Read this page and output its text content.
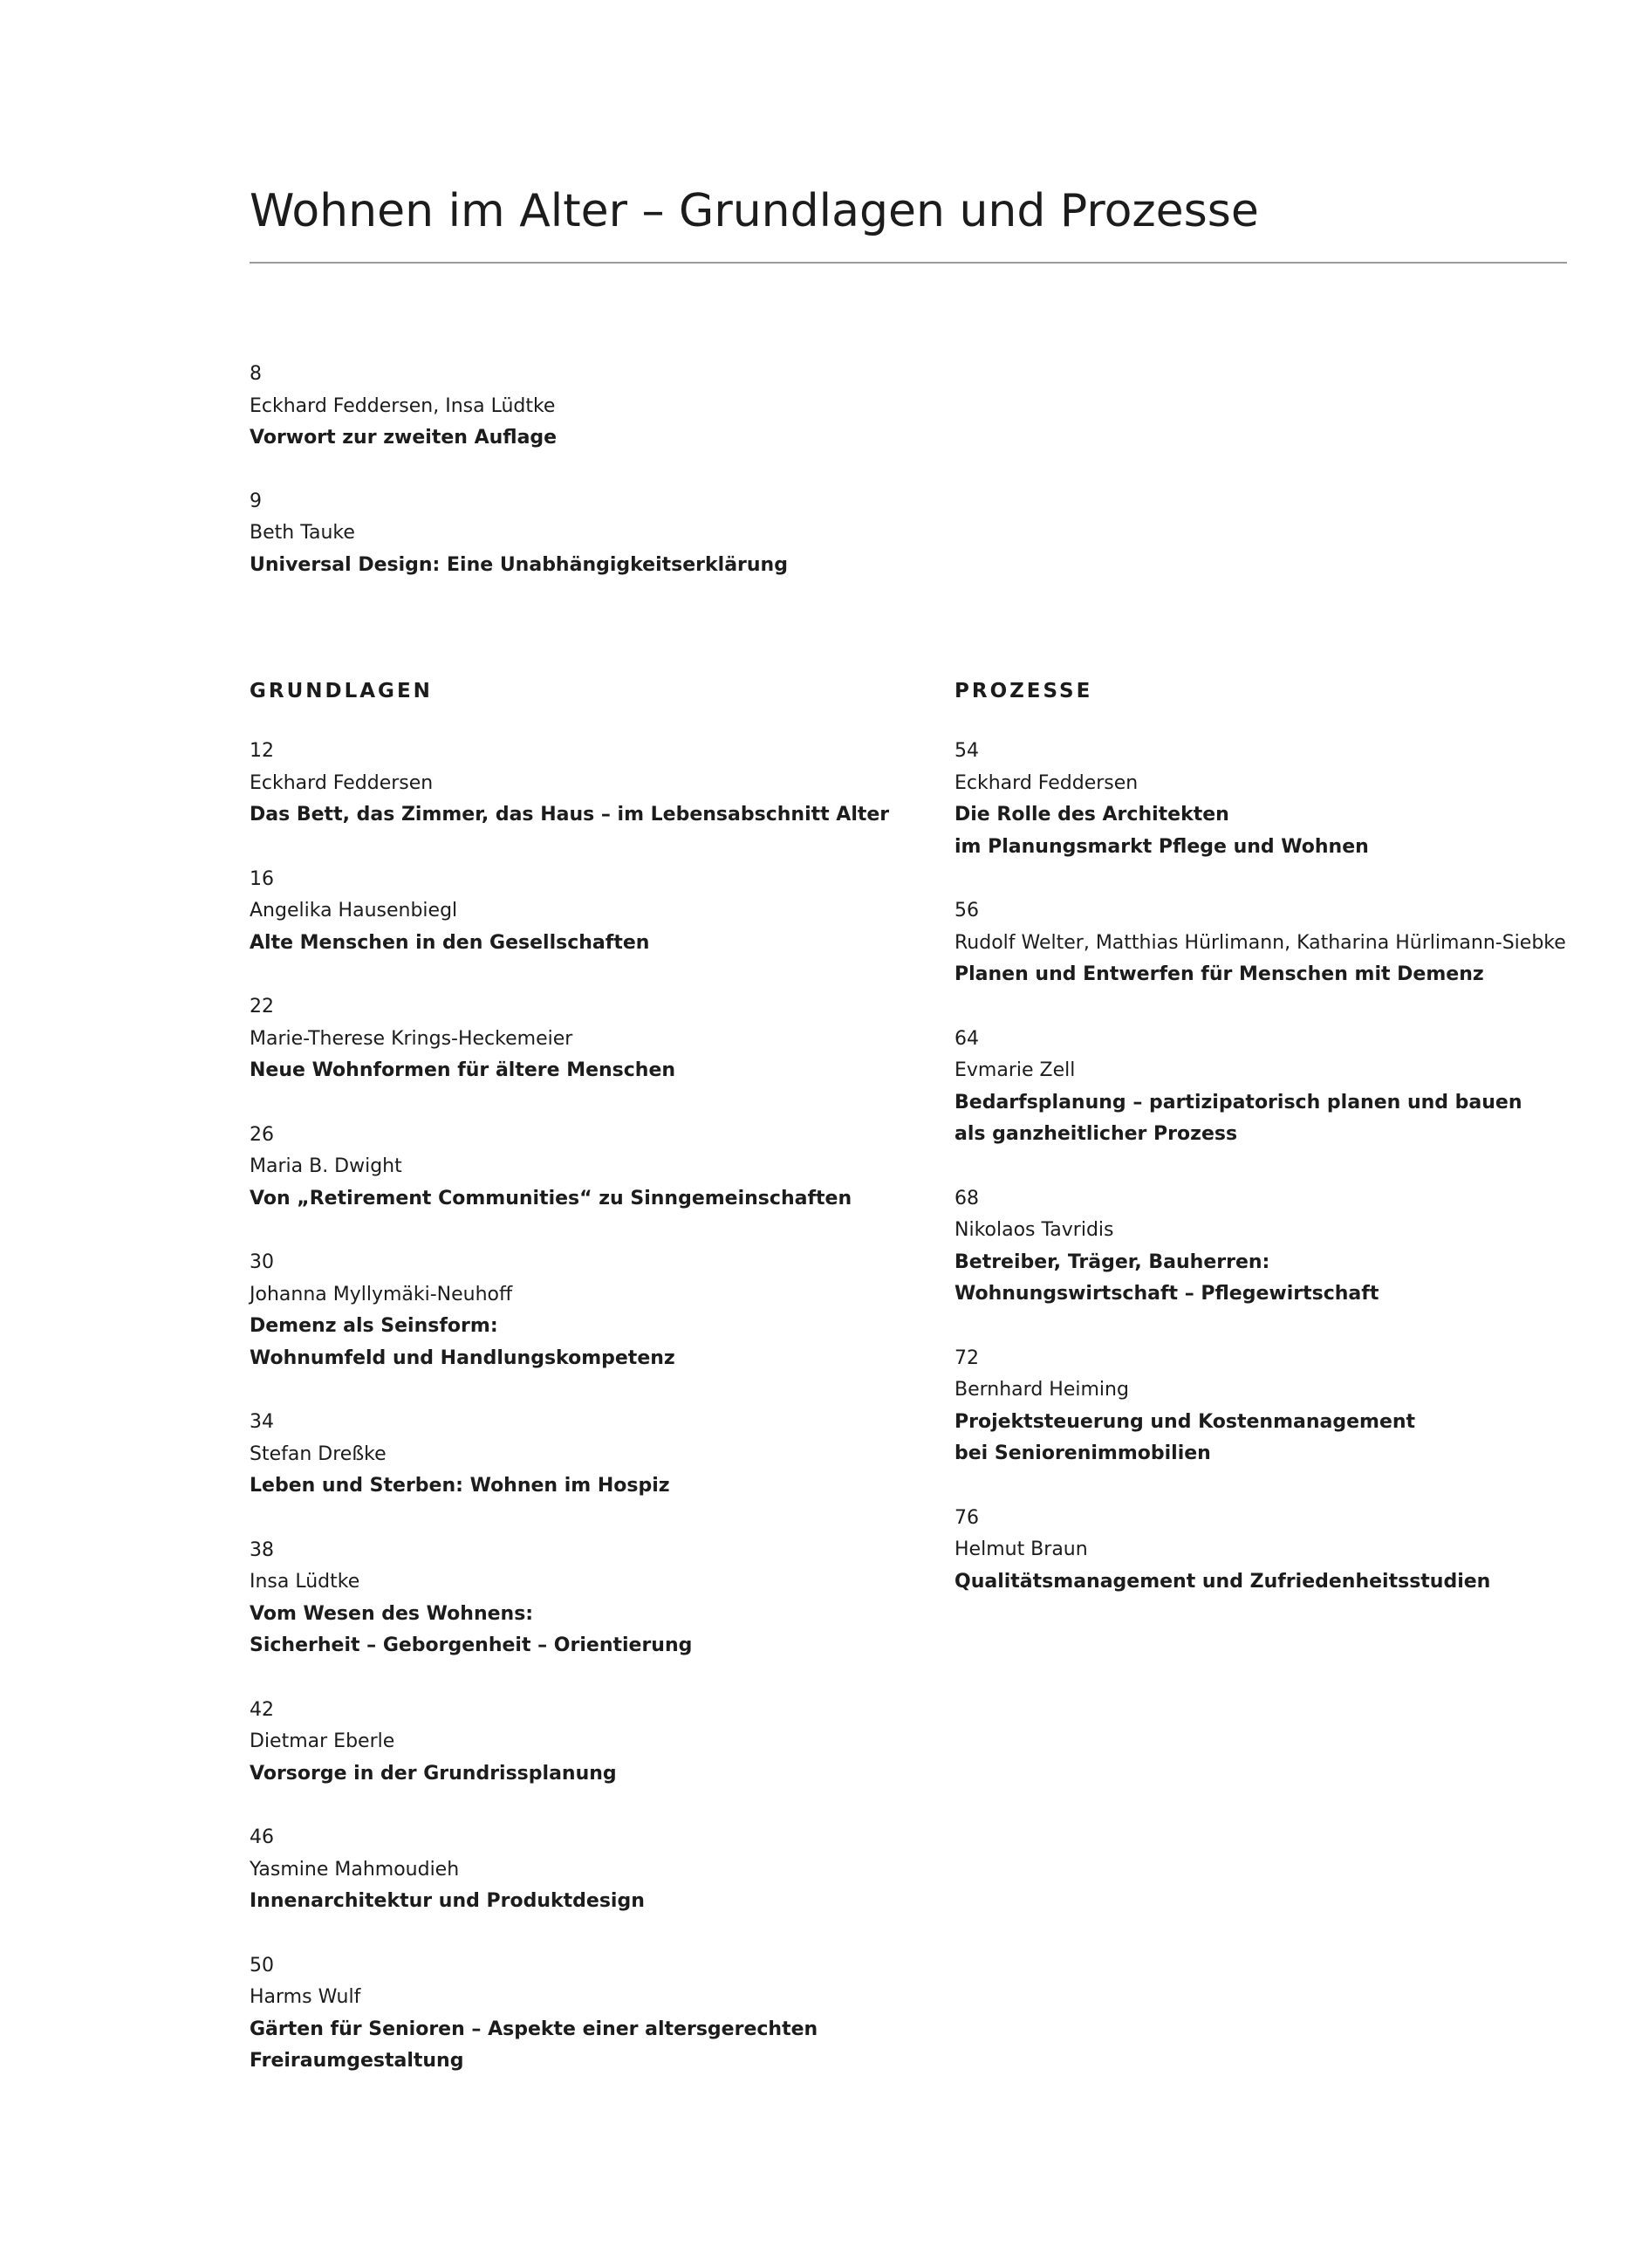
Wohnen im Alter – Grundlagen und Prozesse
8
Eckhard Feddersen, Insa Lüdtke
Vorwort zur zweiten Auflage
9
Beth Tauke
Universal Design: Eine Unabhängigkeitserklärung
GRUNDLAGEN
12
Eckhard Feddersen
Das Bett, das Zimmer, das Haus – im Lebensabschnitt Alter
16
Angelika Hausenbiegl
Alte Menschen in den Gesellschaften
22
Marie-Therese Krings-Heckemeier
Neue Wohnformen für ältere Menschen
26
Maria B. Dwight
Von „Retirement Communities“ zu Sinngemeinschaften
30
Johanna Myllymäki-Neuhoff
Demenz als Seinsform:
Wohnumfeld und Handlungskompetenz
34
Stefan Dreßke
Leben und Sterben: Wohnen im Hospiz
38
Insa Lüdtke
Vom Wesen des Wohnens:
Sicherheit – Geborgenheit – Orientierung
42
Dietmar Eberle
Vorsorge in der Grundrissplanung
46
Yasmine Mahmoudieh
Innenarchitektur und Produktdesign
50
Harms Wulf
Gärten für Senioren – Aspekte einer altersgerechten
Freiraumgestaltung
PROZESSE
54
Eckhard Feddersen
Die Rolle des Architekten
im Planungsmarkt Pflege und Wohnen
56
Rudolf Welter, Matthias Hürlimann, Katharina Hürlimann-Siebke
Planen und Entwerfen für Menschen mit Demenz
64
Evmarie Zell
Bedarfsplanung – partizipatorisch planen und bauen
als ganzheitlicher Prozess
68
Nikolaos Tavridis
Betreiber, Träger, Bauherren:
Wohnungswirtschaft – Pflegewirtschaft
72
Bernhard Heiming
Projektsteuerung und Kostenmanagement
bei Seniorenimmobilien
76
Helmut Braun
Qualitätsmanagement und Zufriedenheitsstudien
